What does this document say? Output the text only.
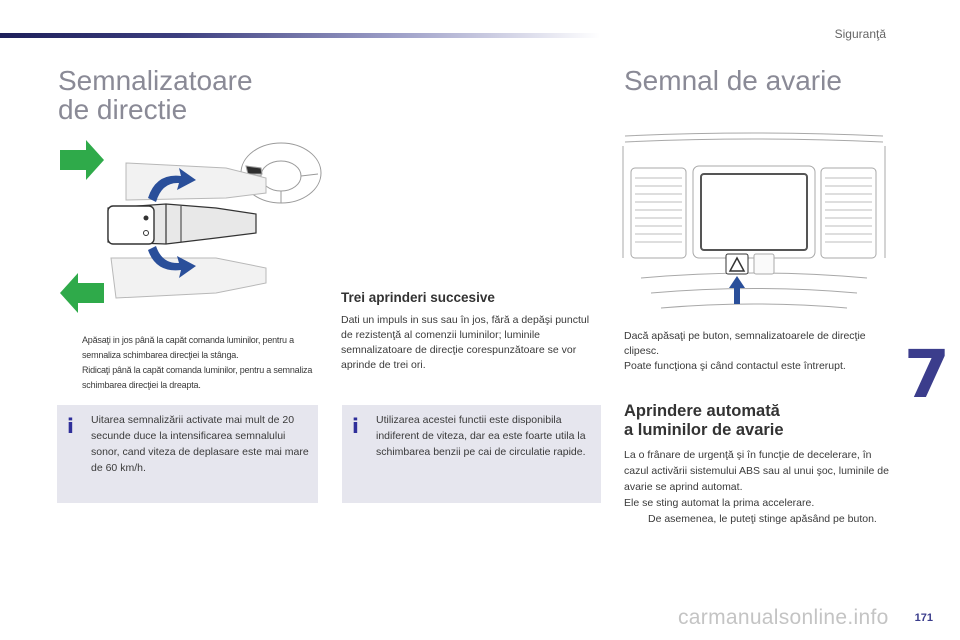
Siguranţă
Semnalizatoare
de directie
Semnal de avarie
Apăsaţi in jos până la capăt comanda luminilor, pentru a semnaliza schimbarea direcţiei la stânga.
Ridicaţi până la capăt comanda luminilor, pentru a semnaliza schimbarea direcţiei la dreapta.
i Uitarea semnalizării activate mai mult de 20 secunde duce la intensificarea semnalului sonor, cand viteza de deplasare este mai mare de 60 km/h.

Trei aprinderi succesive

Dati un impuls in sus sau în jos, fără a depăşi punctul de rezistenţă al comenzii luminilor; luminile semnalizatoare de direcţie corespunzătoare se vor aprinde de trei ori.

i Utilizarea acestei functii este disponibila indiferent de viteza, dar ea este foarte utila la schimbarea benzii pe cai de circulatie rapide.

Dacă apăsaţi pe buton, semnalizatoarele de direcţie clipesc.

Poate funcţiona şi când contactul este întrerupt.

Aprindere automată
a luminilor de avarie

La o frânare de urgenţă şi în funcţie de decelerare, în cazul activării sistemului ABS sau al unui şoc, luminile de avarie se aprind automat.

Ele se sting automat la prima accelerare.

De asemenea, le puteţi stinge apăsând pe buton.
7
carmanualsonline.info 171
